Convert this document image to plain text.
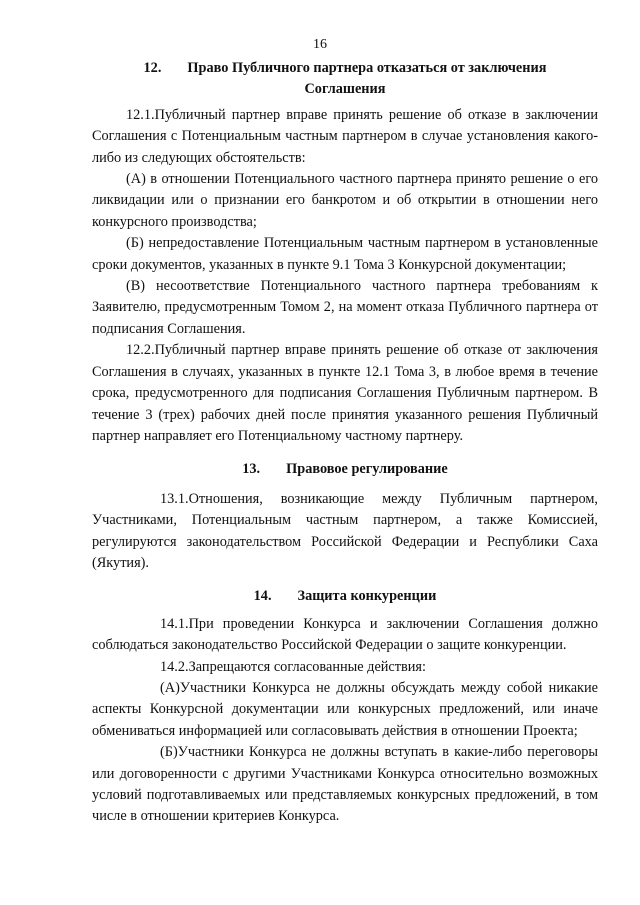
16
12. Право Публичного партнера отказаться от заключения
Соглашения

12.1.Публичный партнер вправе принять решение об отказе в заключении Соглашения с Потенциальным частным партнером в случае установления какого-либо из следующих обстоятельств:

(А) в отношении Потенциального частного партнера принято решение о его ликвидации или о признании его банкротом и об открытии в отношении него конкурсного производства;

(Б) непредоставление Потенциальным частным партнером в установленные сроки документов, указанных в пункте 9.1 Тома 3 Конкурсной документации;

(В) несоответствие Потенциального частного партнера требованиям к Заявителю, предусмотренным Томом 2, на момент отказа Публичного партнера от подписания Соглашения.

12.2.Публичный партнер вправе принять решение об отказе от заключения Соглашения в случаях, указанных в пункте 12.1 Тома 3, в любое время в течение срока, предусмотренного для подписания Соглашения Публичным партнером. В течение 3 (трех) рабочих дней после принятия указанного решения Публичный партнер направляет его Потенциальному частному партнеру.

13. Правовое регулирование

13.1.Отношения, возникающие между Публичным партнером, Участниками, Потенциальным частным партнером, а также Комиссией, регулируются законодательством Российской Федерации и Республики Саха (Якутия).

14. Защита конкуренции

14.1.При проведении Конкурса и заключении Соглашения должно соблюдаться законодательство Российской Федерации о защите конкуренции.

14.2.Запрещаются согласованные действия:

(А)Участники Конкурса не должны обсуждать между собой никакие аспекты Конкурсной документации или конкурсных предложений, или иначе обмениваться информацией или согласовывать действия в отношении Проекта;

(Б)Участники Конкурса не должны вступать в какие-либо переговоры или договоренности с другими Участниками Конкурса относительно возможных условий подготавливаемых или представляемых конкурсных предложений, в том числе в отношении критериев Конкурса.
